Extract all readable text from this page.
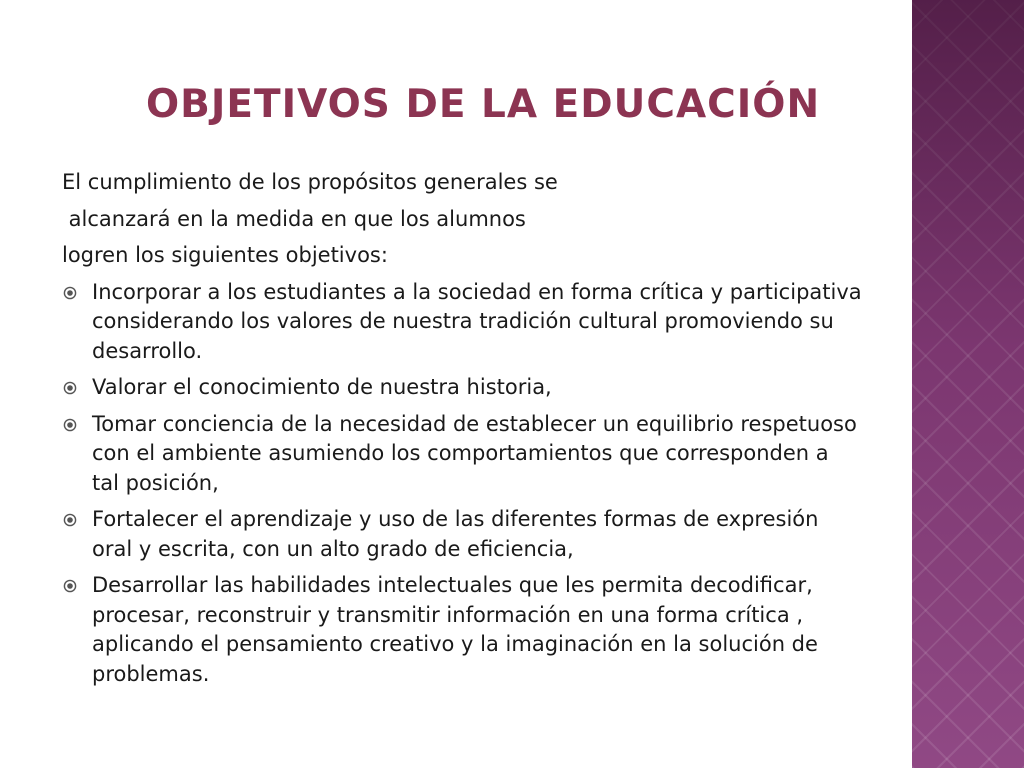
OBJETIVOS DE LA EDUCACIÓN

El cumplimiento de los propósitos generales se

alcanzará en la medida en que los alumnos

logren los siguientes objetivos:

Incorporar a los estudiantes a la sociedad en forma crítica y participativa considerando los valores de nuestra tradición cultural promoviendo su desarrollo.
Valorar el conocimiento de nuestra historia,
Tomar conciencia de la necesidad de establecer un equilibrio respetuoso con el ambiente asumiendo los comportamientos que corresponden a tal posición,
Fortalecer el aprendizaje y uso de las diferentes formas de expresión oral y escrita, con un alto grado de eficiencia,
Desarrollar las habilidades intelectuales que les permita decodificar, procesar, reconstruir y transmitir información en una forma crítica , aplicando el pensamiento creativo y la imaginación en la solución de problemas.
